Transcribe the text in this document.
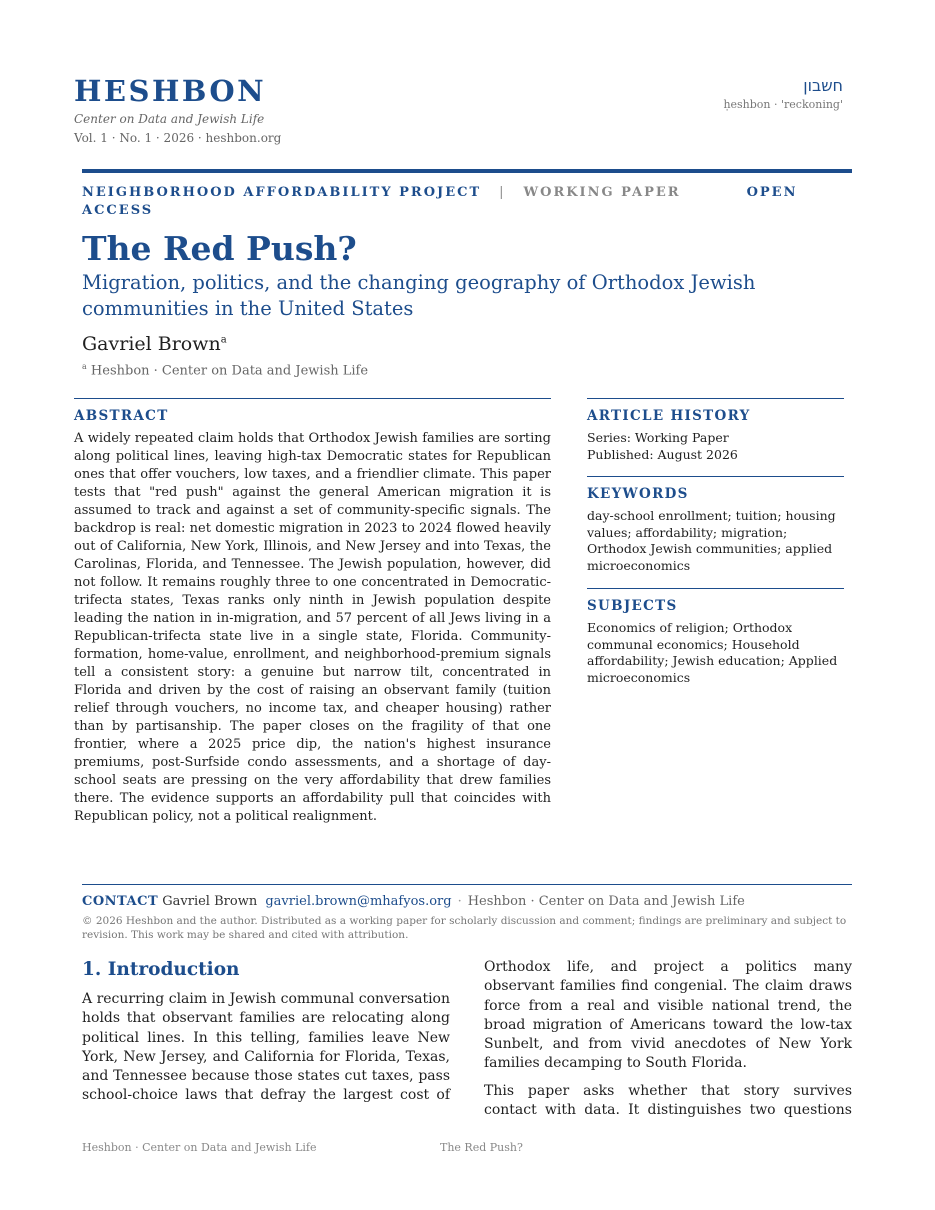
HESHBON
Center on Data and Jewish Life
Vol. 1 · No. 1 · 2026 · heshbon.org
חשבון
ḥeshbon · 'reckoning'
NEIGHBORHOOD AFFORDABILITY PROJECT | WORKING PAPER	OPEN ACCESS
The Red Push?
Migration, politics, and the changing geography of Orthodox Jewish communities in the United States
Gavriel Brown$^a$
$^a$ Heshbon · Center on Data and Jewish Life
ABSTRACT

A widely repeated claim holds that Orthodox Jewish families are sorting along political lines, leaving high-tax Democratic states for Republican ones that offer vouchers, low taxes, and a friendlier climate. This paper tests that "red push" against the general American migration it is assumed to track and against a set of community-specific signals. The backdrop is real: net domestic migration in 2023 to 2024 flowed heavily out of California, New York, Illinois, and New Jersey and into Texas, the Carolinas, Florida, and Tennessee. The Jewish population, however, did not follow. It remains roughly three to one concentrated in Democratic-trifecta states, Texas ranks only ninth in Jewish population despite leading the nation in in-migration, and 57 percent of all Jews living in a Republican-trifecta state live in a single state, Florida. Community-formation, home-value, enrollment, and neighborhood-premium signals tell a consistent story: a genuine but narrow tilt, concentrated in Florida and driven by the cost of raising an observant family (tuition relief through vouchers, no income tax, and cheaper housing) rather than by partisanship. The paper closes on the fragility of that one frontier, where a 2025 price dip, the nation's highest insurance premiums, post-Surfside condo assessments, and a shortage of day-school seats are pressing on the very affordability that drew families there. The evidence supports an affordability pull that coincides with Republican policy, not a political realignment.

ARTICLE HISTORY

Series: Working Paper

Published: August 2026

KEYWORDS

day-school enrollment; tuition; housing values; affordability; migration; Orthodox Jewish communities; applied microeconomics

SUBJECTS

Economics of religion; Orthodox communal economics; Household affordability; Jewish education; Applied microeconomics

CONTACT Gavriel Brown gavriel.brown@mhafyos.org · Heshbon · Center on Data and Jewish Life
© 2026 Heshbon and the author. Distributed as a working paper for scholarly discussion and comment; findings are preliminary and subject to revision. This work may be shared and cited with attribution.
1. Introduction

A recurring claim in Jewish communal conversation holds that observant families are relocating along political lines. In this telling, families leave New York, New Jersey, and California for Florida, Texas, and Tennessee because those states cut taxes, pass school-choice laws that defray the largest cost of

Orthodox life, and project a politics many observant families find congenial. The claim draws force from a real and visible national trend, the broad migration of Americans toward the low-tax Sunbelt, and from vivid anecdotes of New York families decamping to South Florida.

This paper asks whether that story survives contact with data. It distinguishes two questions

Heshbon · Center on Data and Jewish Life	The Red Push?
